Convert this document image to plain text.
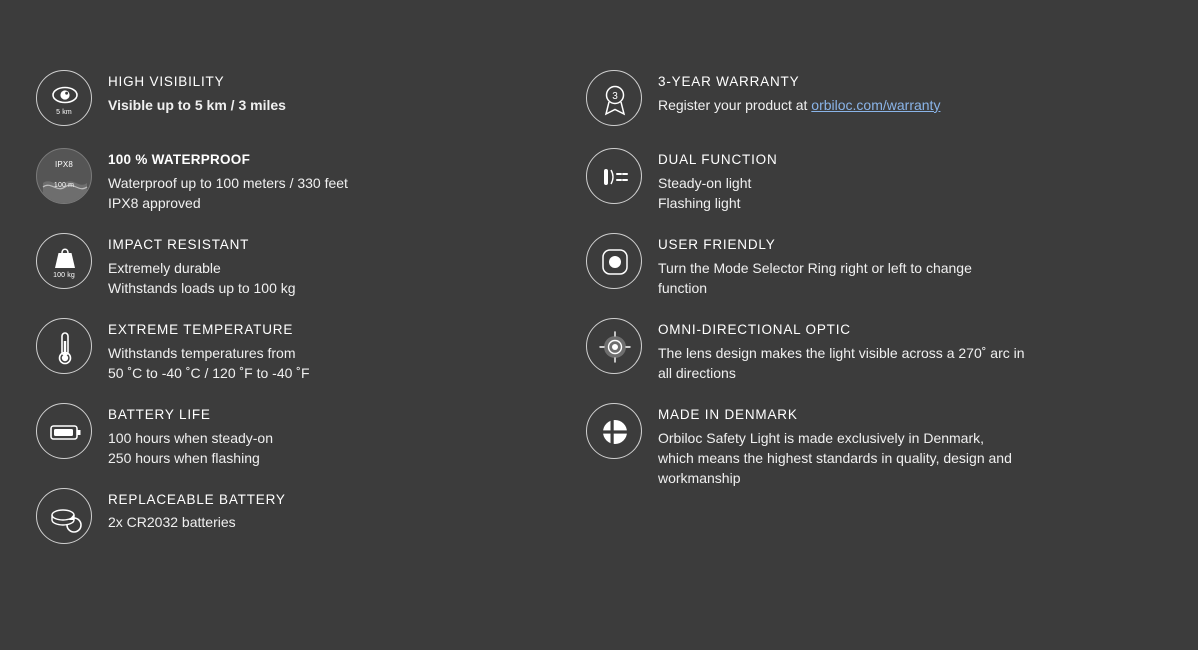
5 km

HIGH VISIBILITY

Visible up to 5 km / 3 miles

IPX8
100 m

100 % WATERPROOF

Waterproof up to 100 meters / 330 feet

IPX8 approved

100 kg

IMPACT RESISTANT

Extremely durable

Withstands loads up to 100 kg

EXTREME TEMPERATURE

Withstands temperatures from

50 ˚C to -40 ˚C / 120 ˚F to -40 ˚F

BATTERY LIFE

100 hours when steady-on

250 hours when flashing

REPLACEABLE BATTERY

2x CR2032 batteries

3

3-YEAR WARRANTY

Register your product at orbiloc.com/warranty

DUAL FUNCTION

Steady-on light

Flashing light

USER FRIENDLY

Turn the Mode Selector Ring right or left to change

function

OMNI-DIRECTIONAL OPTIC

The lens design makes the light visible across a 270˚ arc in

all directions

MADE IN DENMARK

Orbiloc Safety Light is made exclusively in Denmark,

which means the highest standards in quality, design and

workmanship
